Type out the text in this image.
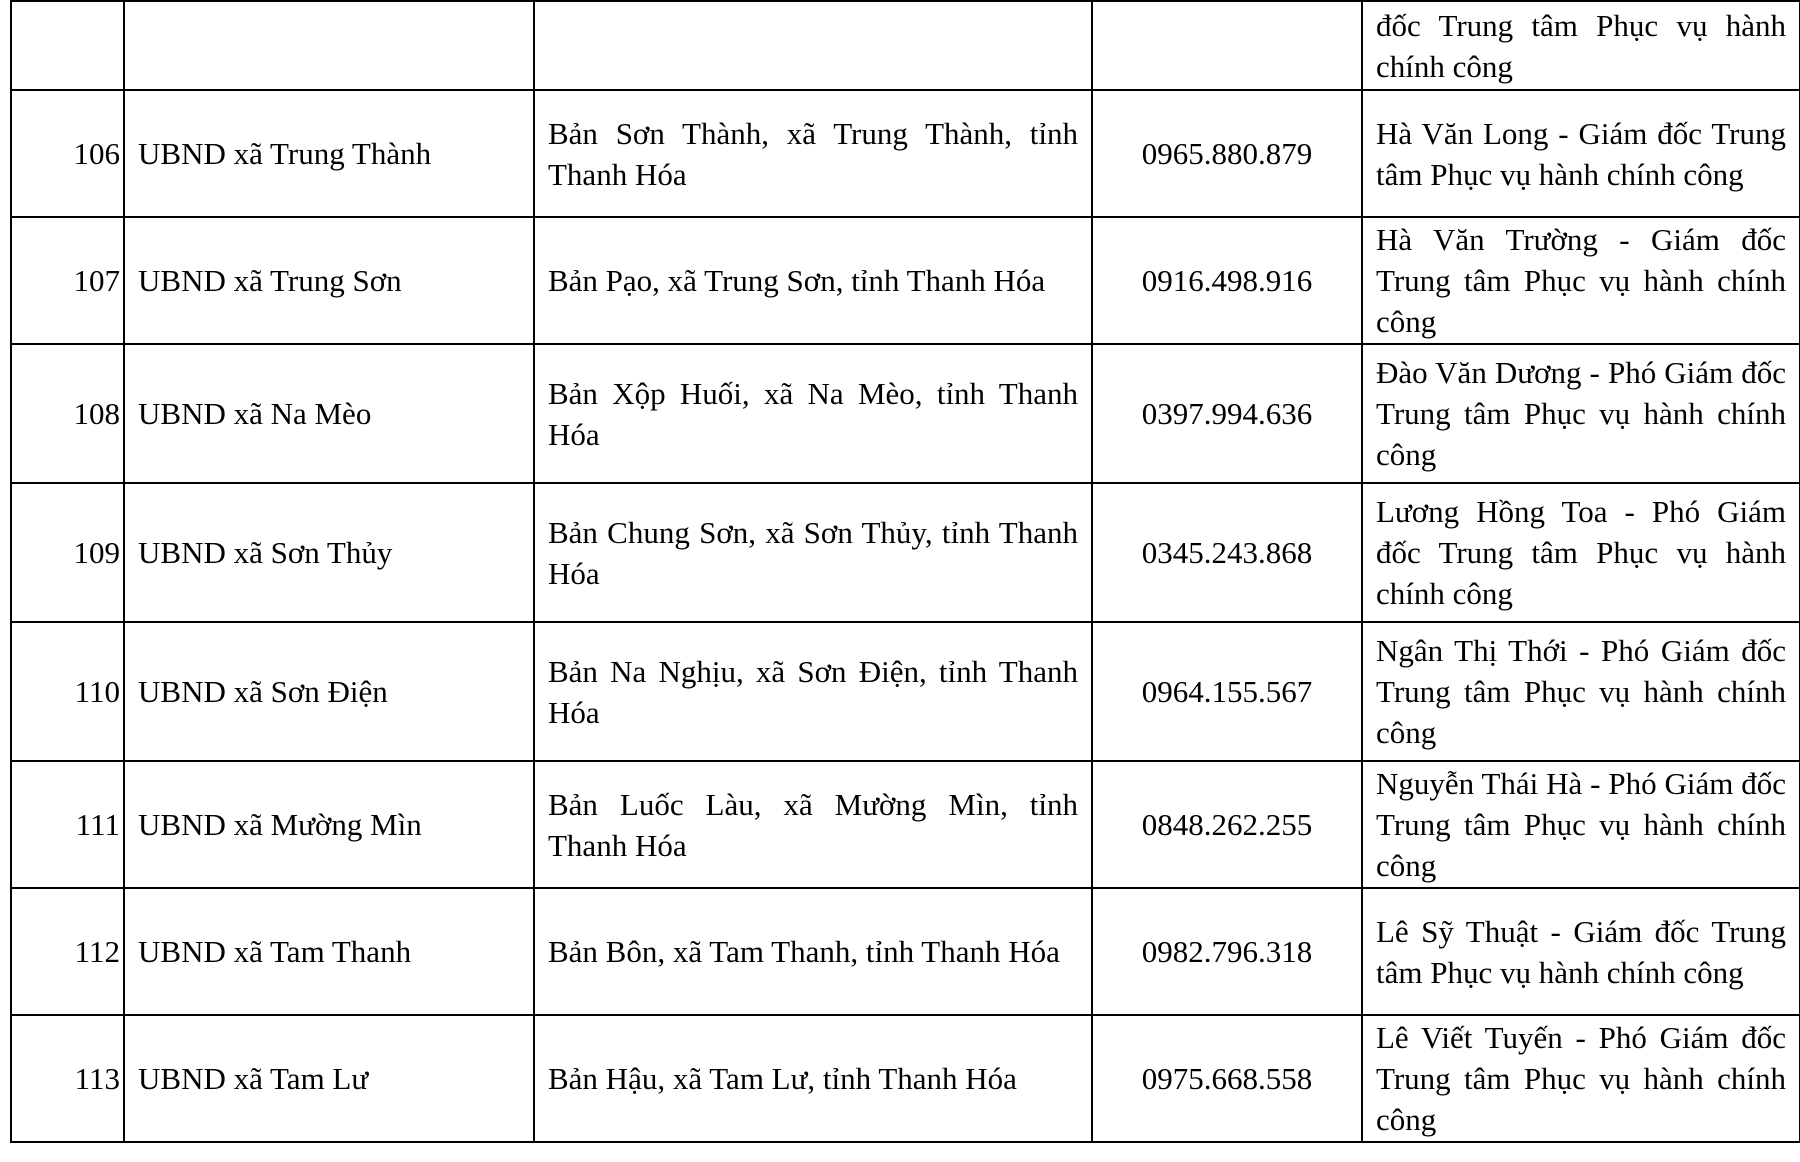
				đốc Trung tâm Phục vụ hành chính công
106	UBND xã Trung Thành	Bản Sơn Thành, xã Trung Thành, tỉnh Thanh Hóa	0965.880.879	Hà Văn Long - Giám đốc Trung tâm Phục vụ hành chính công
107	UBND xã Trung Sơn	Bản Pạo, xã Trung Sơn, tỉnh Thanh Hóa	0916.498.916	Hà Văn Trường - Giám đốc Trung tâm Phục vụ hành chính công
108	UBND xã Na Mèo	Bản Xộp Huối, xã Na Mèo, tỉnh Thanh Hóa	0397.994.636	Đào Văn Dương - Phó Giám đốc Trung tâm Phục vụ hành chính công
109	UBND xã Sơn Thủy	Bản Chung Sơn, xã Sơn Thủy, tỉnh Thanh Hóa	0345.243.868	Lương Hồng Toa - Phó Giám đốc Trung tâm Phục vụ hành chính công
110	UBND xã Sơn Điện	Bản Na Nghịu, xã Sơn Điện, tỉnh Thanh Hóa	0964.155.567	Ngân Thị Thới - Phó Giám đốc Trung tâm Phục vụ hành chính công
111	UBND xã Mường Mìn	Bản Luốc Làu, xã Mường Mìn, tỉnh Thanh Hóa	0848.262.255	Nguyễn Thái Hà - Phó Giám đốc Trung tâm Phục vụ hành chính công
112	UBND xã Tam Thanh	Bản Bôn, xã Tam Thanh, tỉnh Thanh Hóa	0982.796.318	Lê Sỹ Thuật - Giám đốc Trung tâm Phục vụ hành chính công
113	UBND xã Tam Lư	Bản Hậu, xã Tam Lư, tỉnh Thanh Hóa	0975.668.558	Lê Viết Tuyến - Phó Giám đốc Trung tâm Phục vụ hành chính công
